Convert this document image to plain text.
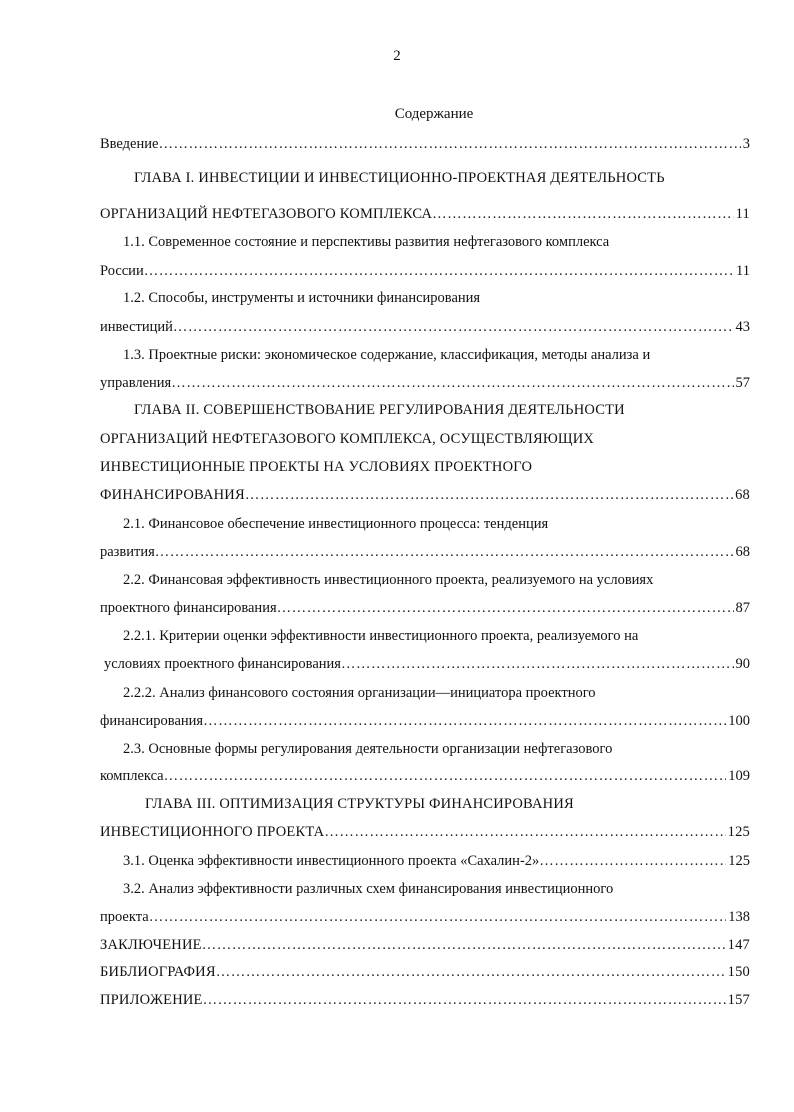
2
Содержание
Введение ………………………………………………………………………………………………………………………………………………………………………………………………………………	3
ГЛАВА I. ИНВЕСТИЦИИ И ИНВЕСТИЦИОННО-ПРОЕКТНАЯ ДЕЯТЕЛЬНОСТЬ
ОРГАНИЗАЦИЙ НЕФТЕГАЗОВОГО КОМПЛЕКСА ………………………………………………………………………………………………………………………………………………………………………………………………………………	11
1.1. Современное состояние и перспективы развития нефтегазового комплекса
России ………………………………………………………………………………………………………………………………………………………………………………………………………………	11
1.2. Способы, инструменты и источники финансирования
инвестиций ………………………………………………………………………………………………………………………………………………………………………………………………………………	43
1.3. Проектные риски: экономическое содержание, классификация, методы анализа и
управления ………………………………………………………………………………………………………………………………………………………………………………………………………………	57
ГЛАВА II. СОВЕРШЕНСТВОВАНИЕ РЕГУЛИРОВАНИЯ ДЕЯТЕЛЬНОСТИ
ОРГАНИЗАЦИЙ НЕФТЕГАЗОВОГО КОМПЛЕКСА, ОСУЩЕСТВЛЯЮЩИХ
ИНВЕСТИЦИОННЫЕ ПРОЕКТЫ НА УСЛОВИЯХ ПРОЕКТНОГО
ФИНАНСИРОВАНИЯ ………………………………………………………………………………………………………………………………………………………………………………………………………………	68
2.1. Финансовое обеспечение инвестиционного процесса: тенденция
развития ………………………………………………………………………………………………………………………………………………………………………………………………………………	68
2.2. Финансовая эффективность инвестиционного проекта, реализуемого на условиях
проектного финансирования ………………………………………………………………………………………………………………………………………………………………………………………………………………	87
2.2.1. Критерии оценки эффективности инвестиционного проекта, реализуемого на
условиях проектного финансирования ………………………………………………………………………………………………………………………………………………………………………………………………………………	90
2.2.2. Анализ финансового состояния организации—инициатора проектного
финансирования ………………………………………………………………………………………………………………………………………………………………………………………………………………	100
2.3. Основные формы регулирования деятельности организации нефтегазового
комплекса ………………………………………………………………………………………………………………………………………………………………………………………………………………	109
ГЛАВА III. ОПТИМИЗАЦИЯ СТРУКТУРЫ ФИНАНСИРОВАНИЯ
ИНВЕСТИЦИОННОГО ПРОЕКТА ………………………………………………………………………………………………………………………………………………………………………………………………………………	125
3.1. Оценка эффективности инвестиционного проекта «Сахалин-2» ………………………………………………………………………………………………………………………………………………………………………………………………………………	125
3.2. Анализ эффективности различных схем финансирования инвестиционного
проекта ………………………………………………………………………………………………………………………………………………………………………………………………………………	138
ЗАКЛЮЧЕНИЕ ………………………………………………………………………………………………………………………………………………………………………………………………………………	147
БИБЛИОГРАФИЯ ………………………………………………………………………………………………………………………………………………………………………………………………………………	150
ПРИЛОЖЕНИЕ ………………………………………………………………………………………………………………………………………………………………………………………………………………	157
